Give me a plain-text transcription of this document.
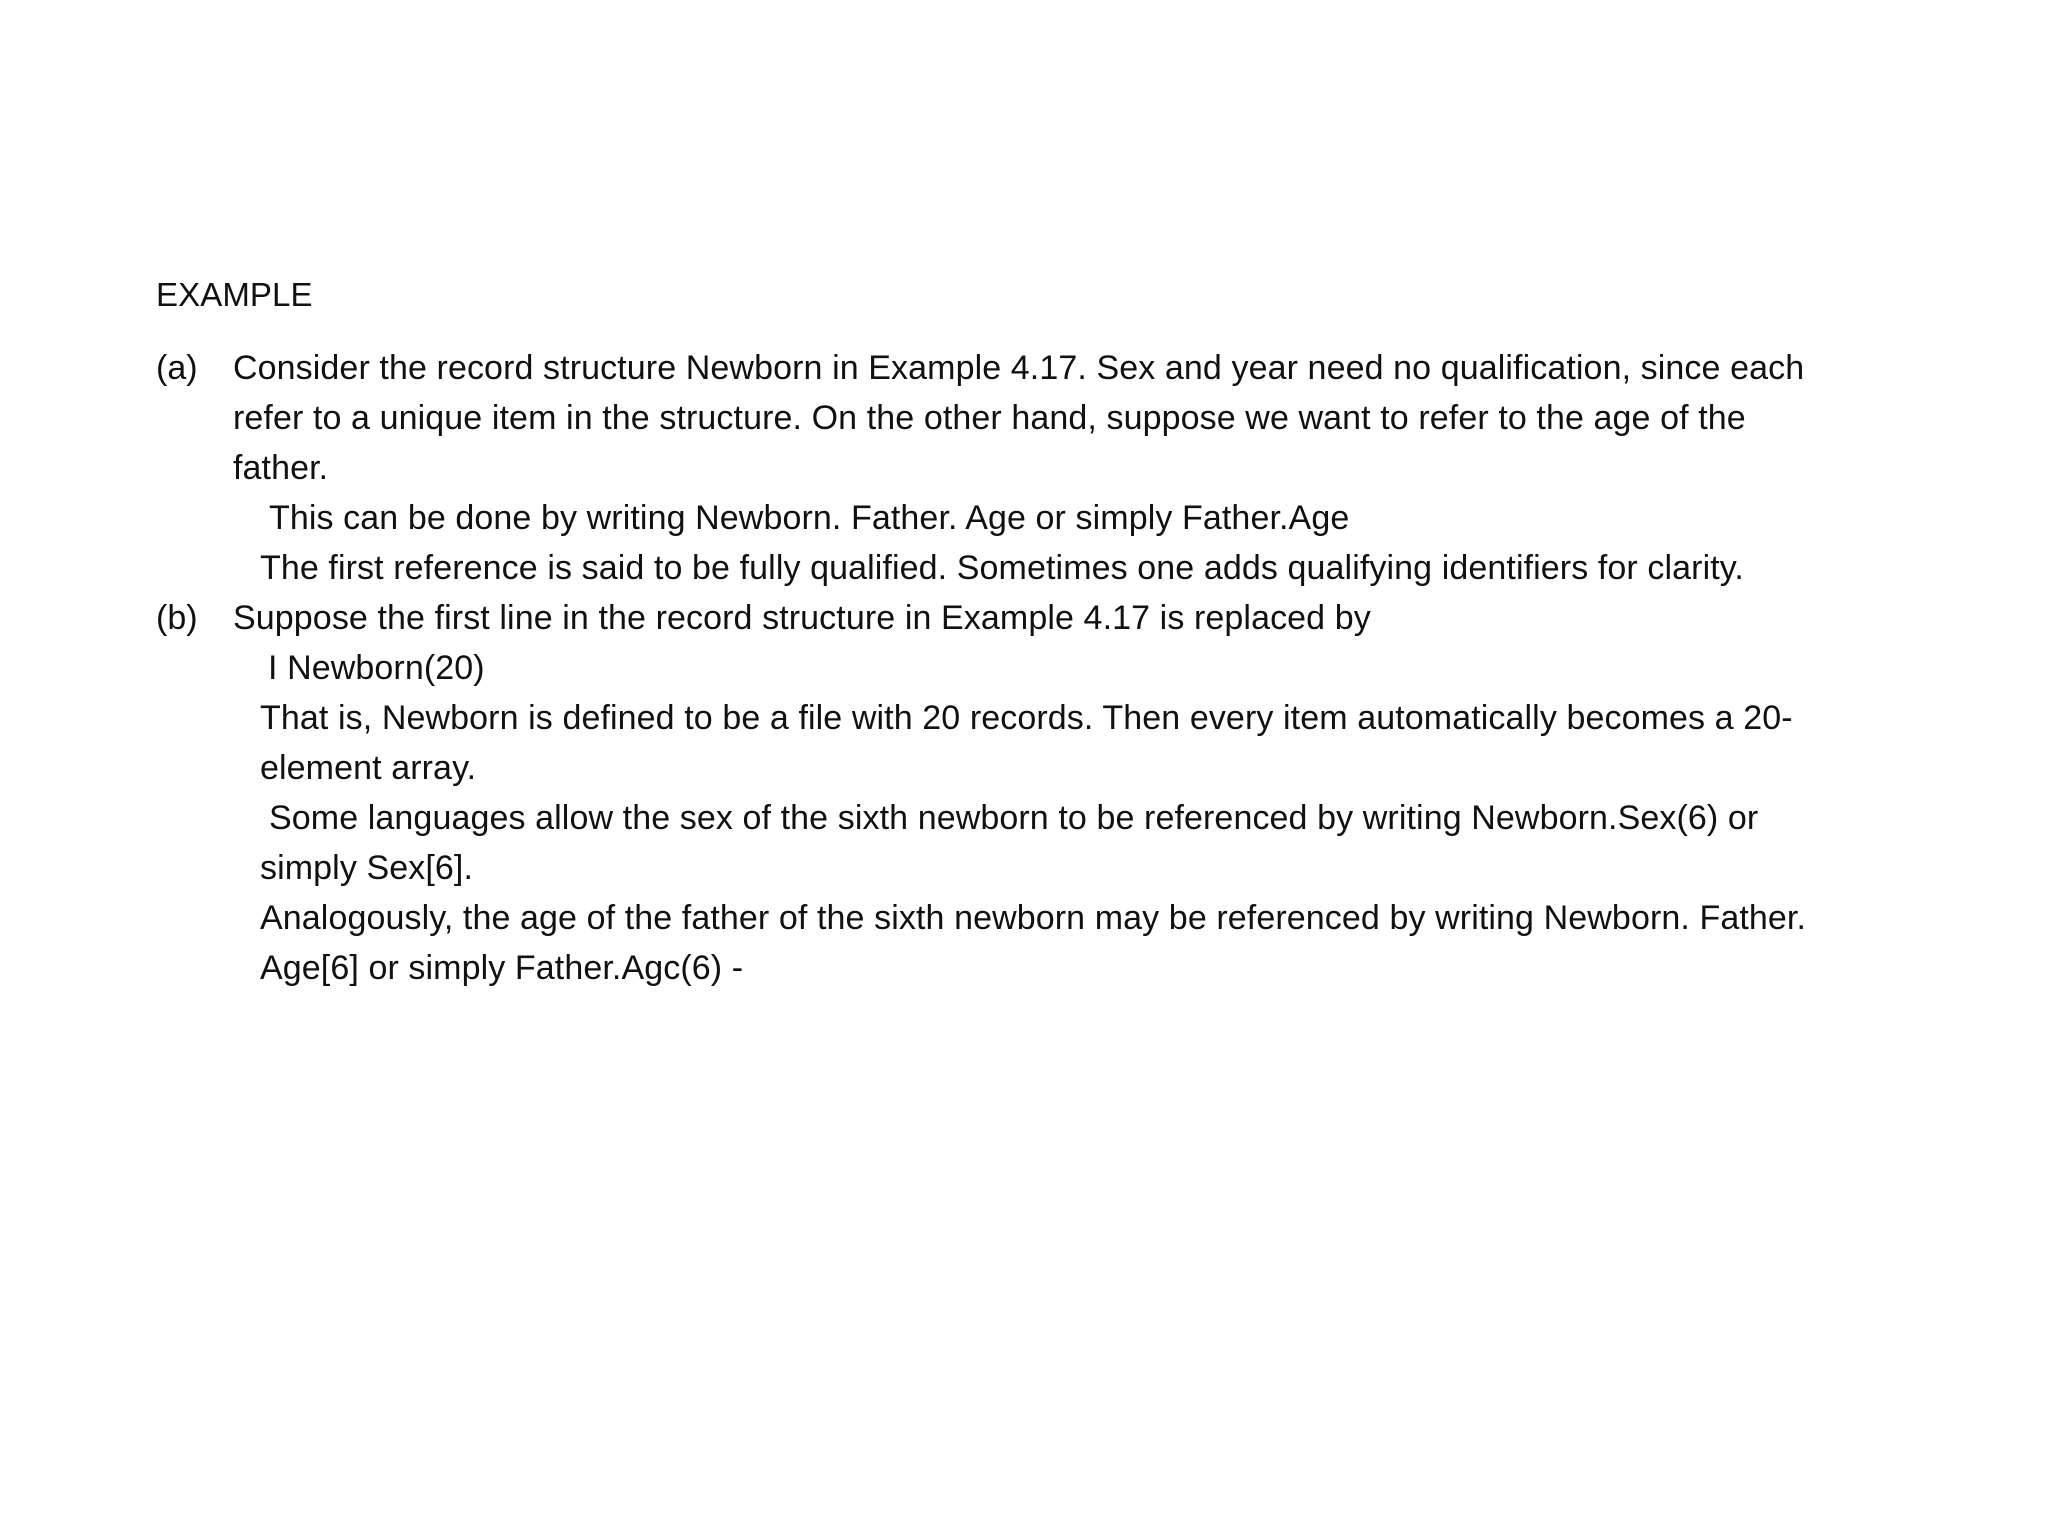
EXAMPLE
(a) Consider the record structure Newborn in Example 4.17. Sex and year need no qualification, since each
refer to a unique item in the structure. On the other hand, suppose we want to refer to the age of the
father.
This can be done by writing Newborn. Father. Age or simply Father.Age
The first reference is said to be fully qualified. Sometimes one adds qualifying identifiers for clarity.
(b) Suppose the first line in the record structure in Example 4.17 is replaced by
I Newborn(20)
That is, Newborn is defined to be a file with 20 records. Then every item automatically becomes a 20-
element array.
Some languages allow the sex of the sixth newborn to be referenced by writing Newborn.Sex(6) or
simply Sex[6].
Analogously, the age of the father of the sixth newborn may be referenced by writing Newborn. Father.
Age[6] or simply Father.Agc(6) -
